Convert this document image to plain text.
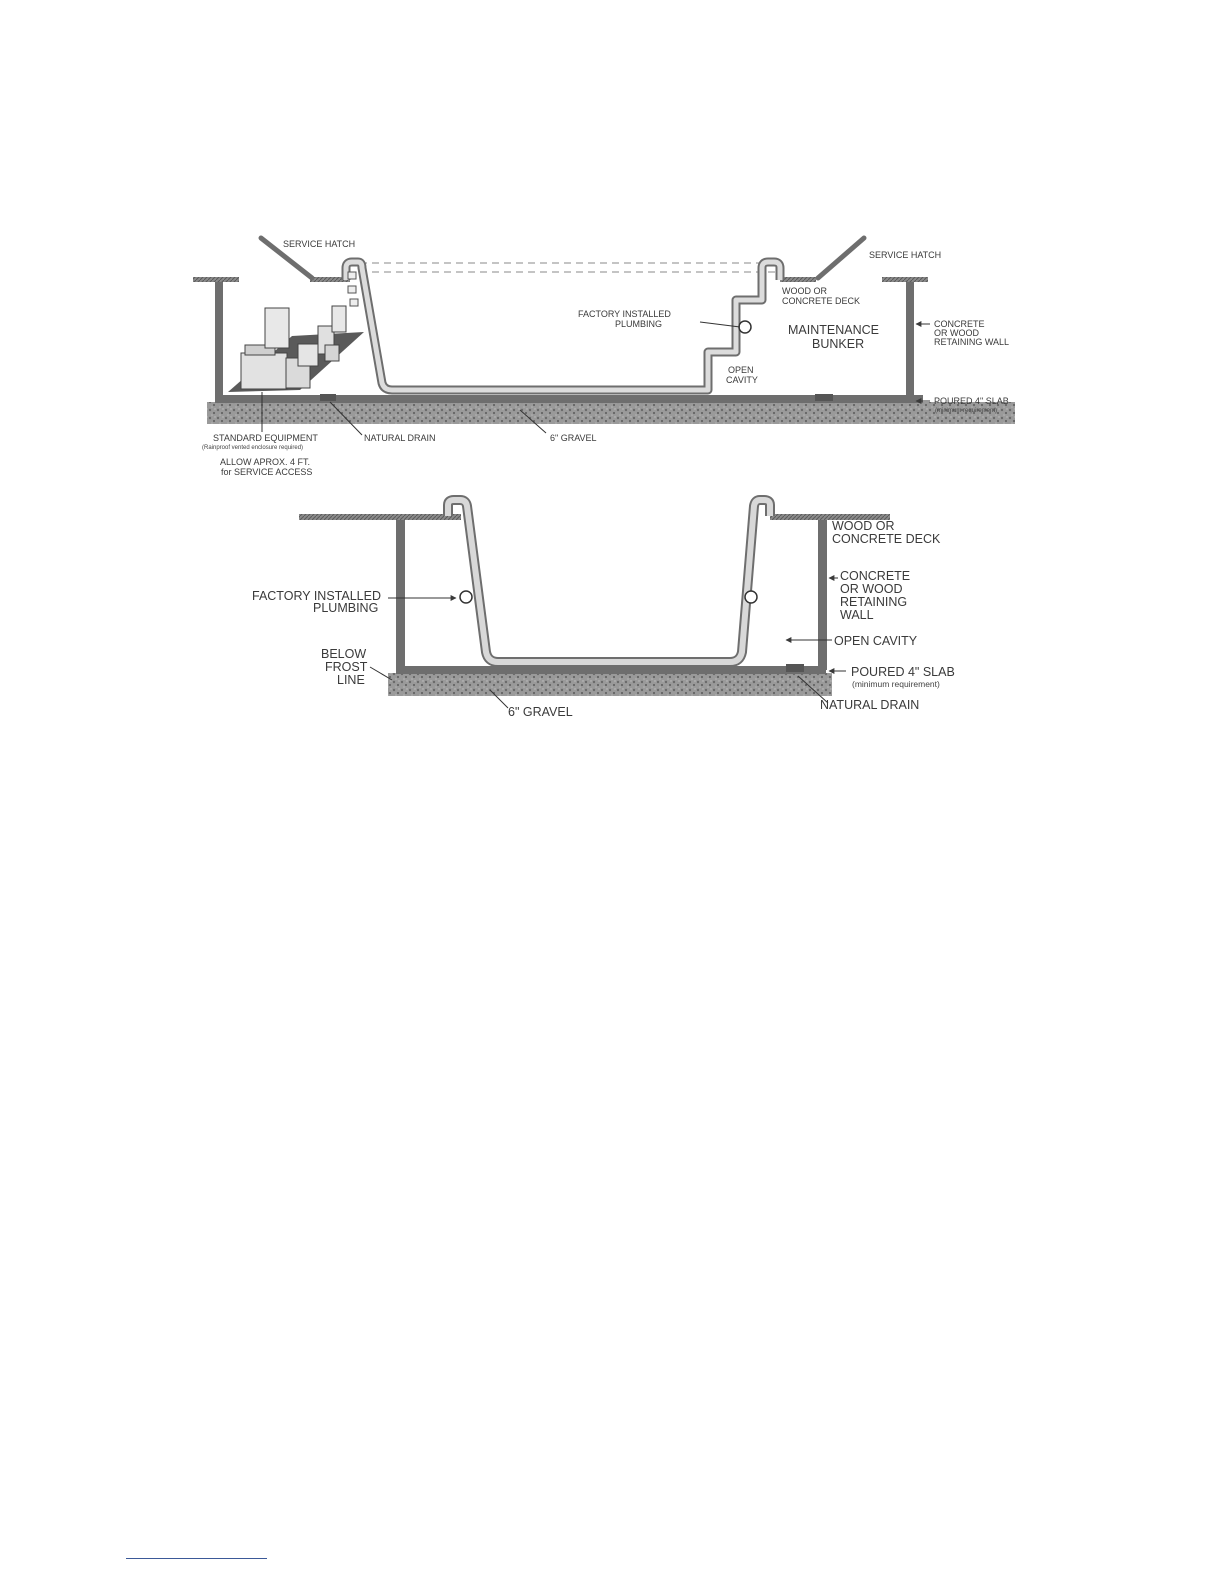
SERVICE HATCH
SERVICE HATCH
WOOD OR
CONCRETE DECK
FACTORY INSTALLED
PLUMBING	MAINTENANCE
BUNKER
CONCRETE
OR WOOD
RETAINING WALL
OPEN
CAVITY
POURED 4" SLAB
(minimum requirement)
STANDARD EQUIPMENT
(Rainproof vented enclosure required)
ALLOW APROX. 4 FT.
for SERVICE ACCESS
NATURAL DRAIN	6" GRAVEL
WOOD OR
CONCRETE DECK
FACTORY INSTALLED
PLUMBING
CONCRETE
OR WOOD
RETAINING
WALL
OPEN CAVITY
BELOW
FROST
LINE
POURED 4" SLAB
(minimum requirement)
NATURAL DRAIN
6" GRAVEL
